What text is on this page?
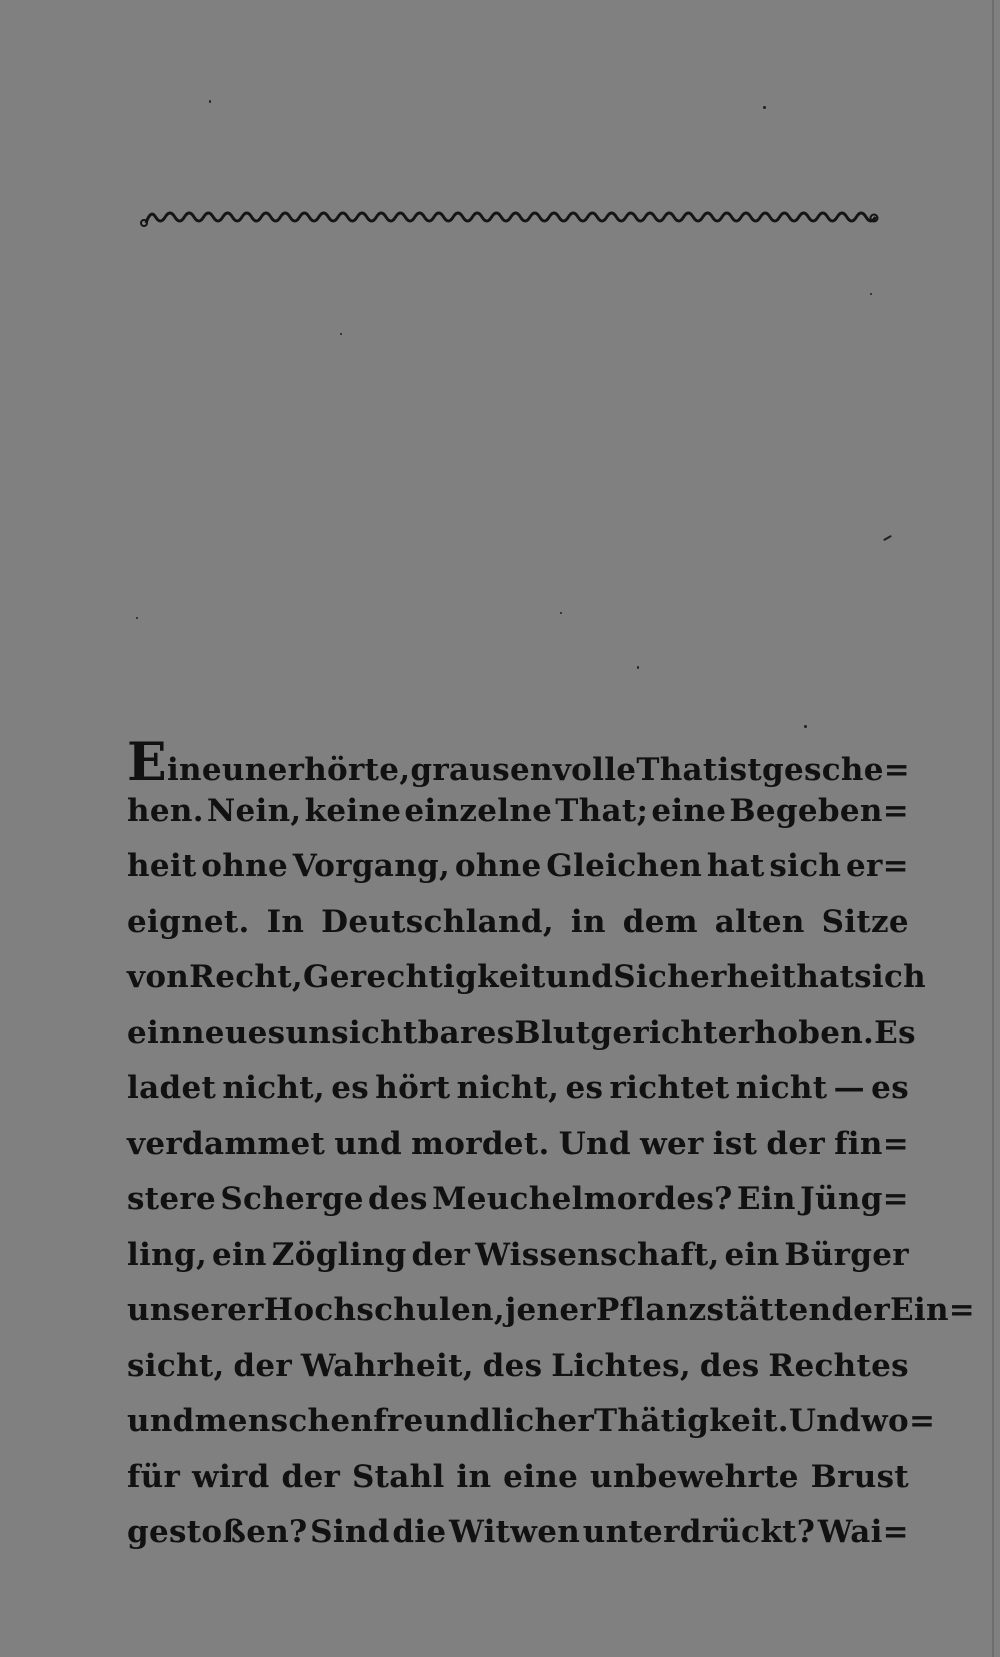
Eine unerhörte, grausenvolle That ist gesche=
hen. Nein, keine einzelne That; eine Begeben=
heit ohne Vorgang, ohne Gleichen hat sich er=
eignet. In Deutschland, in dem alten Sitze
von Recht, Gerechtigkeit und Sicherheit hat sich
ein neues unsichtbares Blutgericht erhoben. Es
ladet nicht, es hört nicht, es richtet nicht — es
verdammet und mordet. Und wer ist der fin=
stere Scherge des Meuchelmordes? Ein Jüng=
ling, ein Zögling der Wissenschaft, ein Bürger
unserer Hochschulen, jener Pflanzstätten der Ein=
sicht, der Wahrheit, des Lichtes, des Rechtes
und menschenfreundlicher Thätigkeit. Und wo=
für wird der Stahl in eine unbewehrte Brust
gestoßen? Sind die Witwen unterdrückt? Wai=
